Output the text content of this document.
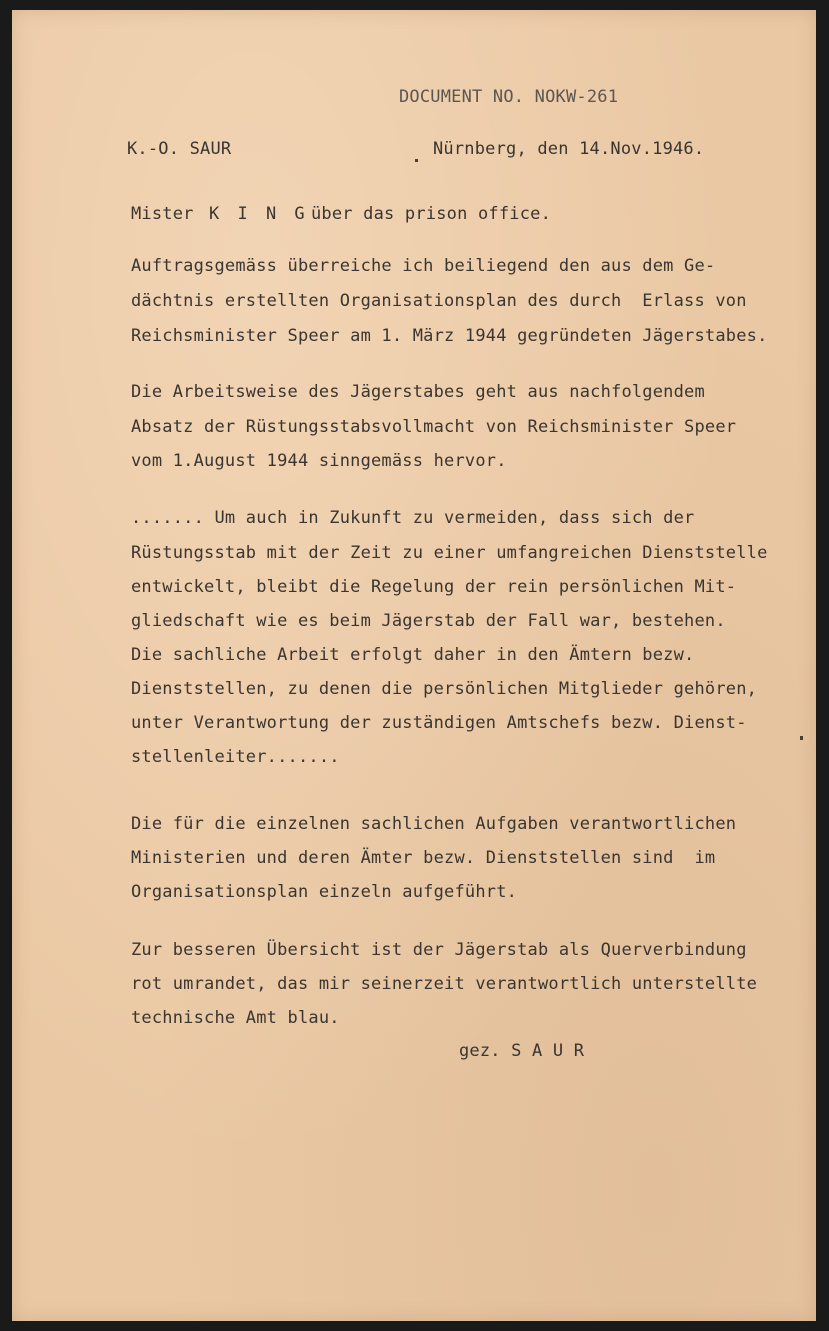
DOCUMENT NO. NOKW-261
K.-O. SAUR	Nürnberg, den 14.Nov.1946.
Mister K I N G über das prison office.
Auftragsgemäss überreiche ich beiliegend den aus dem Ge-
dächtnis erstellten Organisationsplan des durch  Erlass von
Reichsminister Speer am 1. März 1944 gegründeten Jägerstabes.
Die Arbeitsweise des Jägerstabes geht aus nachfolgendem
Absatz der Rüstungsstabsvollmacht von Reichsminister Speer
vom 1.August 1944 sinngemäss hervor.
....... Um auch in Zukunft zu vermeiden, dass sich der
Rüstungsstab mit der Zeit zu einer umfangreichen Dienststelle
entwickelt, bleibt die Regelung der rein persönlichen Mit-
gliedschaft wie es beim Jägerstab der Fall war, bestehen.
Die sachliche Arbeit erfolgt daher in den Ämtern bezw.
Dienststellen, zu denen die persönlichen Mitglieder gehören,
unter Verantwortung der zuständigen Amtschefs bezw. Dienst-
stellenleiter.......
Die für die einzelnen sachlichen Aufgaben verantwortlichen
Ministerien und deren Ämter bezw. Dienststellen sind  im
Organisationsplan einzeln aufgeführt.
Zur besseren Übersicht ist der Jägerstab als Querverbindung
rot umrandet, das mir seinerzeit verantwortlich unterstellte
technische Amt blau.
gez. S A U R
